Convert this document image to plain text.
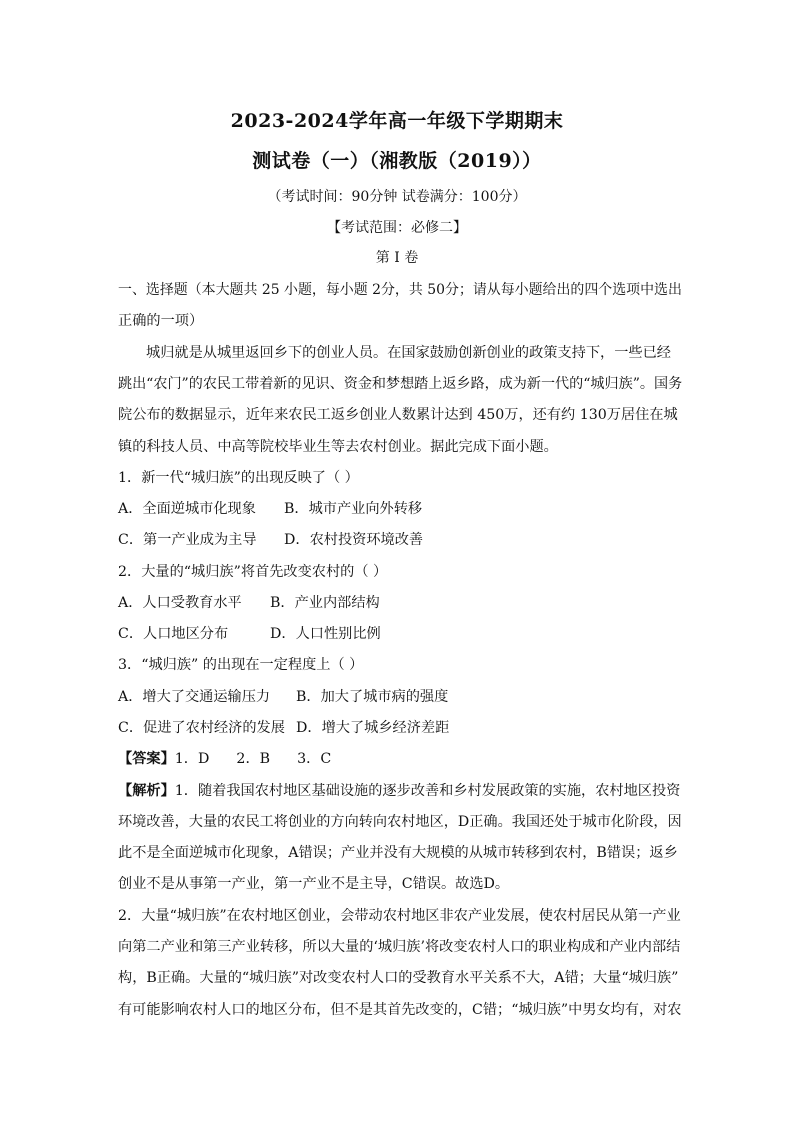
2023-2024学年高一年级下学期期末
测试卷（一）（湘教版（2019））
（考试时间：90分钟 试卷满分：100分）
【考试范围：必修二】
第 I 卷
一、选择题（本大题共 25 小题，每小题 2分，共 50分；请从每小题给出的四个选项中选出
正确的一项）
城归就是从城里返回乡下的创业人员。在国家鼓励创新创业的政策支持下，一些已经
跳出“农门”的农民工带着新的见识、资金和梦想踏上返乡路，成为新一代的“城归族”。国务
院公布的数据显示，近年来农民工返乡创业人数累计达到 450万，还有约 130万居住在城
镇的科技人员、中高等院校毕业生等去农村创业。据此完成下面小题。
1．新一代“城归族”的出现反映了（ ）
A．全面逆城市化现象 B．城市产业向外转移
C．第一产业成为主导 D．农村投资环境改善
2．大量的“城归族”将首先改变农村的（ ）
A．人口受教育水平 B．产业内部结构
C．人口地区分布	D．人口性别比例
3．“城归族” 的出现在一定程度上（ ）
A．增大了交通运输压力 B．加大了城市病的强度
C．促进了农村经济的发展 D．增大了城乡经济差距
【答案】1．D      2．B      3．C
【解析】1．随着我国农村地区基础设施的逐步改善和乡村发展政策的实施，农村地区投资
环境改善，大量的农民工将创业的方向转向农村地区，D正确。我国还处于城市化阶段，因
此不是全面逆城市化现象，A错误；产业并没有大规模的从城市转移到农村，B错误；返乡
创业不是从事第一产业，第一产业不是主导，C错误。故选D。
2．大量“城归族”在农村地区创业，会带动农村地区非农产业发展，使农村居民从第一产业
向第二产业和第三产业转移，所以大量的‘城归族’将改变农村人口的职业构成和产业内部结
构，B正确。大量的“城归族”对改变农村人口的受教育水平关系不大，A错；大量“城归族”
有可能影响农村人口的地区分布，但不是其首先改变的，C错；“城归族”中男女均有，对农
